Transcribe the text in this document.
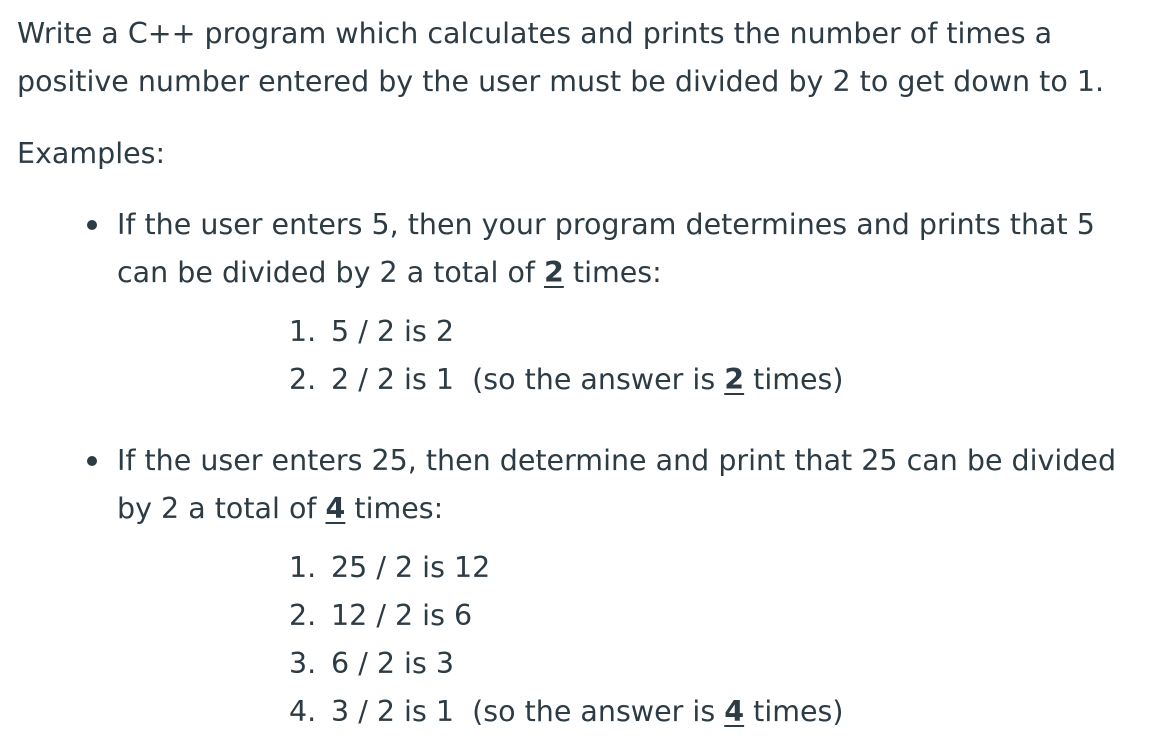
Write a C++ program which calculates and prints the number of times a positive number entered by the user must be divided by 2 to get down to 1.

Examples:

If the user enters 5, then your program determines and prints that 5 can be divided by 2 a total of 2 times:

1. 5 / 2 is 2
2. 2 / 2 is 1  (so the answer is 2 times)

If the user enters 25, then determine and print that 25 can be divided by 2 a total of 4 times:

1. 25 / 2 is 12
2. 12 / 2 is 6
3. 6 / 2 is 3
4. 3 / 2 is 1  (so the answer is 4 times)
